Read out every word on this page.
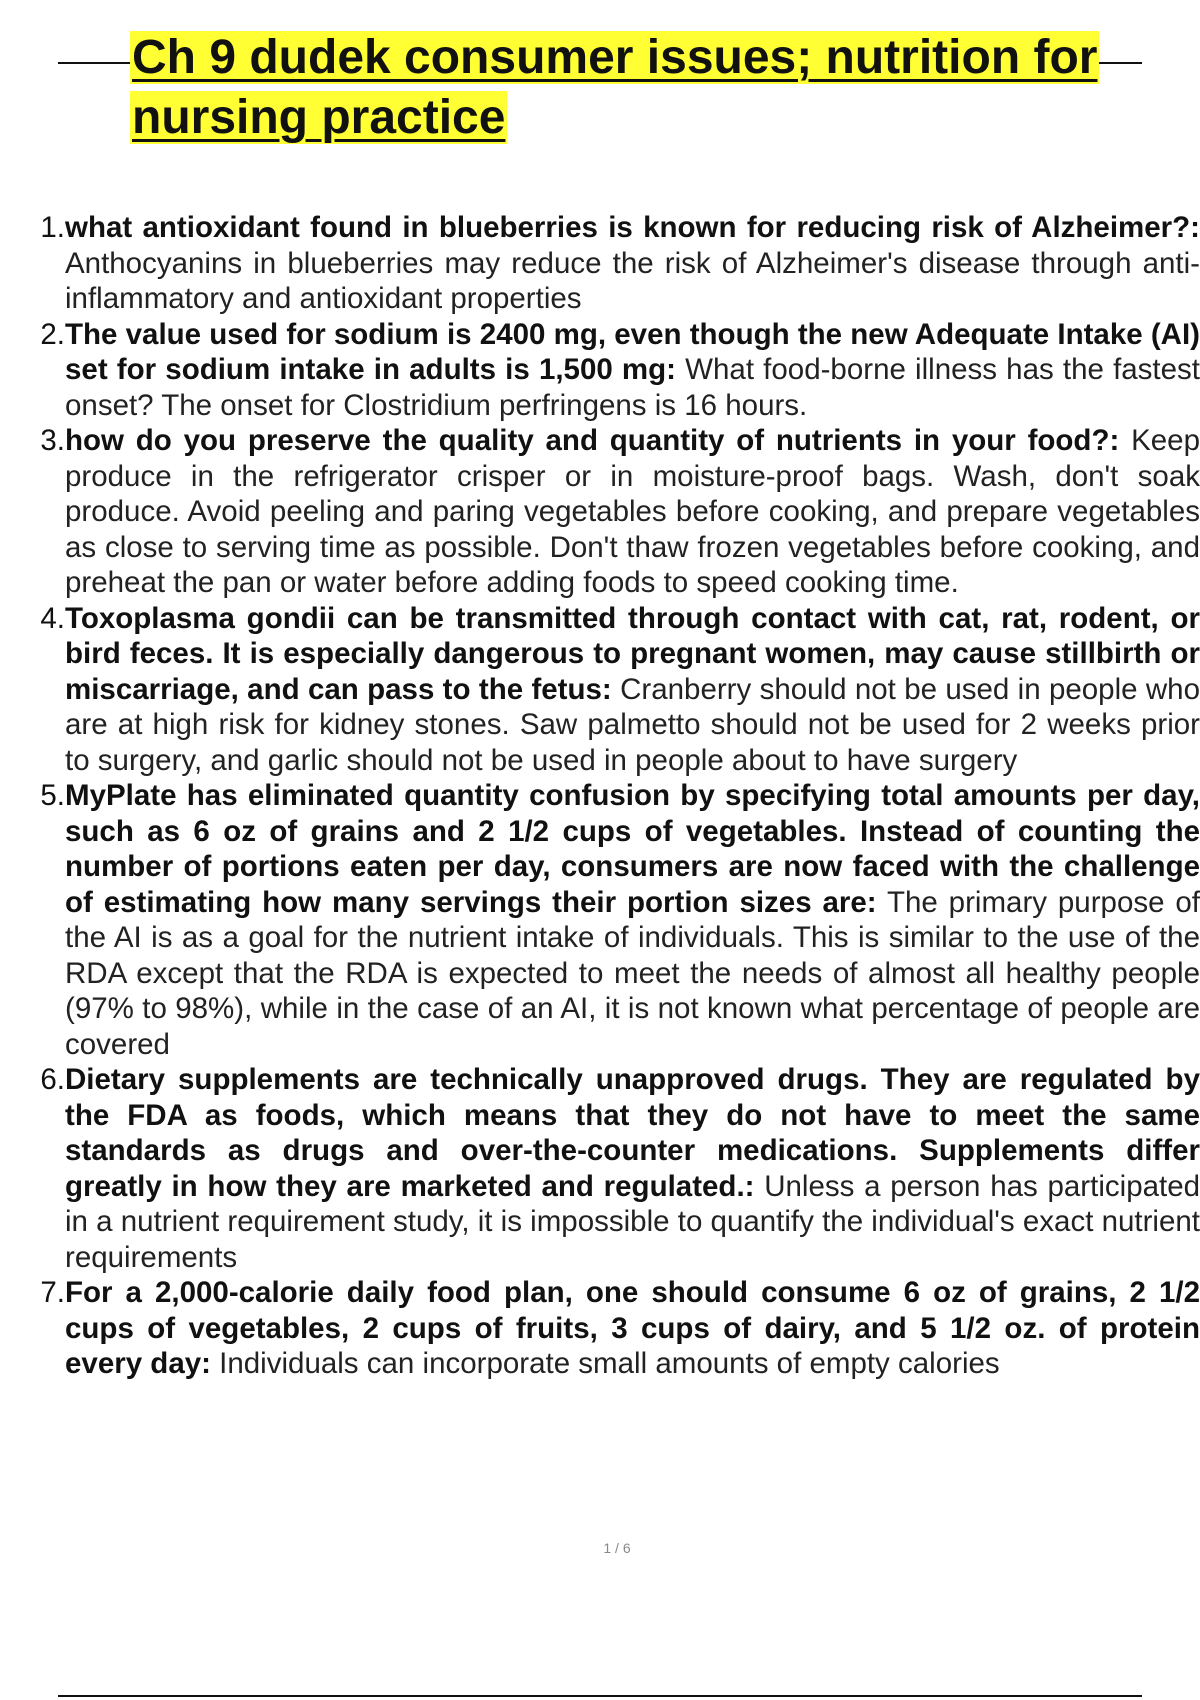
Ch 9 dudek consumer issues; nutrition for nursing practice
1. what antioxidant found in blueberries is known for reducing risk of Alzheimer?: Anthocyanins in blueberries may reduce the risk of Alzheimer's disease through anti-inflammatory and antioxidant properties
2. The value used for sodium is 2400 mg, even though the new Adequate Intake (AI) set for sodium intake in adults is 1,500 mg: What food-borne illness has the fastest onset? The onset for Clostridium perfringens is 16 hours.
3. how do you preserve the quality and quantity of nutrients in your food?: Keep produce in the refrigerator crisper or in moisture-proof bags. Wash, don't soak produce. Avoid peeling and paring vegetables before cooking, and prepare vegetables as close to serving time as possible. Don't thaw frozen vegetables before cooking, and preheat the pan or water before adding foods to speed cooking time.
4. Toxoplasma gondii can be transmitted through contact with cat, rat, rodent, or bird feces. It is especially dangerous to pregnant women, may cause stillbirth or miscarriage, and can pass to the fetus: Cranberry should not be used in people who are at high risk for kidney stones. Saw palmetto should not be used for 2 weeks prior to surgery, and garlic should not be used in people about to have surgery
5. MyPlate has eliminated quantity confusion by specifying total amounts per day, such as 6 oz of grains and 2 1/2 cups of vegetables. Instead of counting the number of portions eaten per day, consumers are now faced with the challenge of estimating how many servings their portion sizes are: The primary purpose of the AI is as a goal for the nutrient intake of individuals. This is similar to the use of the RDA except that the RDA is expected to meet the needs of almost all healthy people (97% to 98%), while in the case of an AI, it is not known what percentage of people are covered
6. Dietary supplements are technically unapproved drugs. They are regulated by the FDA as foods, which means that they do not have to meet the same standards as drugs and over-the-counter medications. Supplements differ greatly in how they are marketed and regulated.: Unless a person has participated in a nutrient requirement study, it is impossible to quantify the individual's exact nutrient requirements
7. For a 2,000-calorie daily food plan, one should consume 6 oz of grains, 2 1/2 cups of vegetables, 2 cups of fruits, 3 cups of dairy, and 5 1/2 oz. of protein every day: Individuals can incorporate small amounts of empty calories
1 / 6
